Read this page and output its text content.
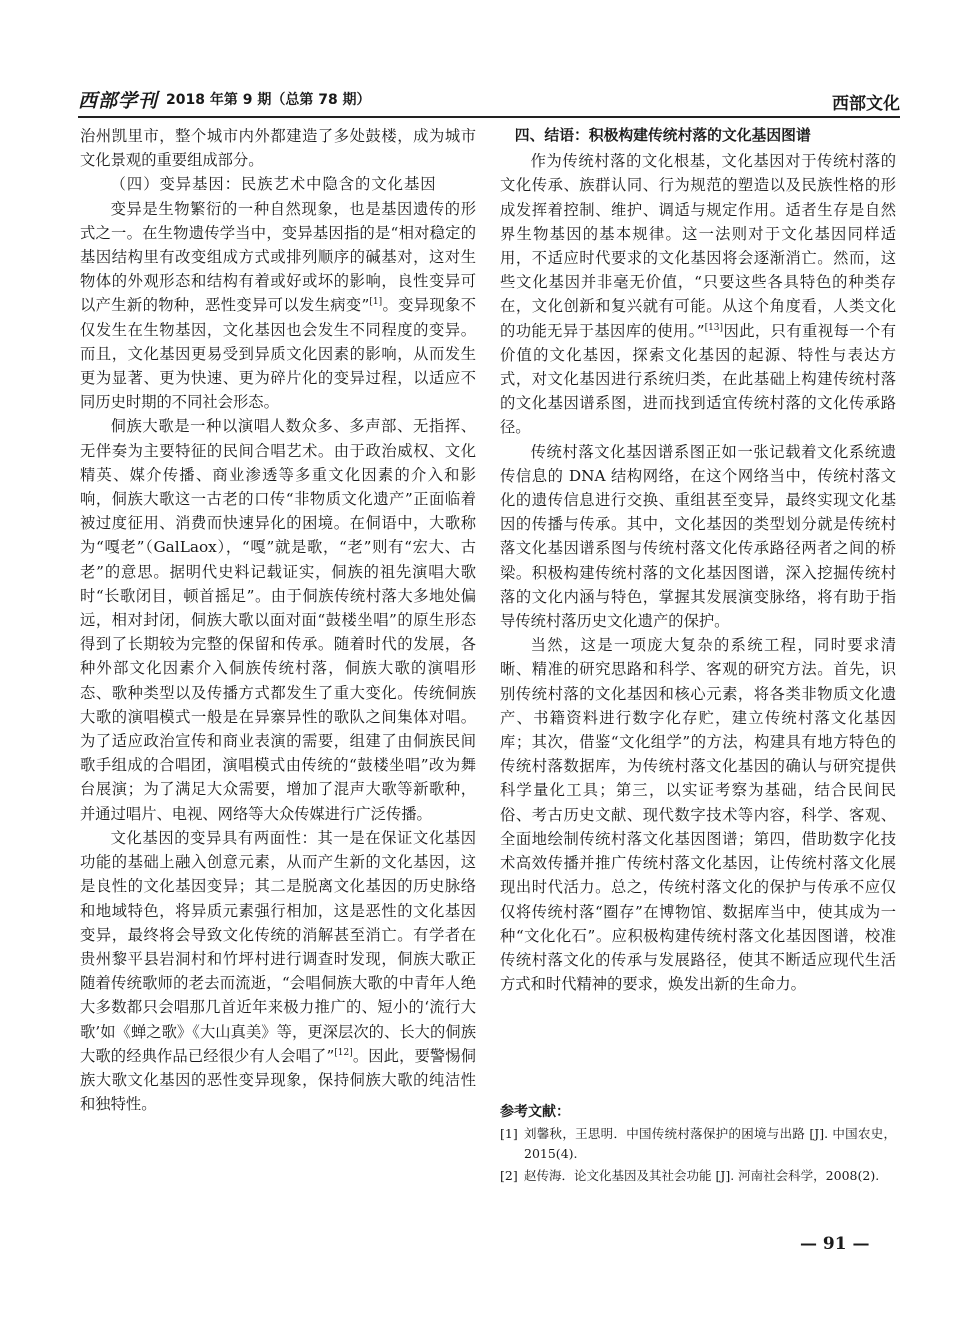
西部学刊 2018 年第 9 期（总第 78 期）	西部文化

治州凯里市，整个城市内外都建造了多处鼓楼，成为城市文化景观的重要组成部分。

（四）变异基因：民族艺术中隐含的文化基因

变异是生物繁衍的一种自然现象，也是基因遗传的形式之一。在生物遗传学当中，变异基因指的是“相对稳定的基因结构里有改变组成方式或排列顺序的碱基对，这对生物体的外观形态和结构有着或好或坏的影响，良性变异可以产生新的物种，恶性变异可以发生病变”[1]。变异现象不仅发生在生物基因，文化基因也会发生不同程度的变异。而且，文化基因更易受到异质文化因素的影响，从而发生更为显著、更为快速、更为碎片化的变异过程，以适应不同历史时期的不同社会形态。

侗族大歌是一种以演唱人数众多、多声部、无指挥、无伴奏为主要特征的民间合唱艺术。由于政治威权、文化精英、媒介传播、商业渗透等多重文化因素的介入和影响，侗族大歌这一古老的口传“非物质文化遗产”正面临着被过度征用、消费而快速异化的困境。在侗语中，大歌称为“嘎老”（GalLaox），“嘎”就是歌，“老”则有“宏大、古老”的意思。据明代史料记载证实，侗族的祖先演唱大歌时“长歌闭目，顿首摇足”。由于侗族传统村落大多地处偏远，相对封闭，侗族大歌以面对面“鼓楼坐唱”的原生形态得到了长期较为完整的保留和传承。随着时代的发展，各种外部文化因素介入侗族传统村落，侗族大歌的演唱形态、歌种类型以及传播方式都发生了重大变化。传统侗族大歌的演唱模式一般是在异寨异性的歌队之间集体对唱。为了适应政治宣传和商业表演的需要，组建了由侗族民间歌手组成的合唱团，演唱模式由传统的“鼓楼坐唱”改为舞台展演；为了满足大众需要，增加了混声大歌等新歌种，并通过唱片、电视、网络等大众传媒进行广泛传播。

文化基因的变异具有两面性：其一是在保证文化基因功能的基础上融入创意元素，从而产生新的文化基因，这是良性的文化基因变异；其二是脱离文化基因的历史脉络和地域特色，将异质元素强行相加，这是恶性的文化基因变异，最终将会导致文化传统的消解甚至消亡。有学者在贵州黎平县岩洞村和竹坪村进行调查时发现，侗族大歌正随着传统歌师的老去而流逝，“会唱侗族大歌的中青年人绝大多数都只会唱那几首近年来极力推广的、短小的‘流行大歌’如《蝉之歌》《大山真美》等，更深层次的、长大的侗族大歌的经典作品已经很少有人会唱了”[12]。因此，要警惕侗族大歌文化基因的恶性变异现象，保持侗族大歌的纯洁性和独特性。

四、结语：积极构建传统村落的文化基因图谱

作为传统村落的文化根基，文化基因对于传统村落的文化传承、族群认同、行为规范的塑造以及民族性格的形成发挥着控制、维护、调适与规定作用。适者生存是自然界生物基因的基本规律。这一法则对于文化基因同样适用，不适应时代要求的文化基因将会逐渐消亡。然而，这些文化基因并非毫无价值，“只要这些各具特色的种类存在，文化创新和复兴就有可能。从这个角度看，人类文化的功能无异于基因库的使用。”[13]因此，只有重视每一个有价值的文化基因，探索文化基因的起源、特性与表达方式，对文化基因进行系统归类，在此基础上构建传统村落的文化基因谱系图，进而找到适宜传统村落的文化传承路径。

传统村落文化基因谱系图正如一张记载着文化系统遗传信息的 DNA 结构网络，在这个网络当中，传统村落文化的遗传信息进行交换、重组甚至变异，最终实现文化基因的传播与传承。其中，文化基因的类型划分就是传统村落文化基因谱系图与传统村落文化传承路径两者之间的桥梁。积极构建传统村落的文化基因图谱，深入挖掘传统村落的文化内涵与特色，掌握其发展演变脉络，将有助于指导传统村落历史文化遗产的保护。

当然，这是一项庞大复杂的系统工程，同时要求清晰、精准的研究思路和科学、客观的研究方法。首先，识别传统村落的文化基因和核心元素，将各类非物质文化遗产、书籍资料进行数字化存贮，建立传统村落文化基因库；其次，借鉴“文化组学”的方法，构建具有地方特色的传统村落数据库，为传统村落文化基因的确认与研究提供科学量化工具；第三，以实证考察为基础，结合民间民俗、考古历史文献、现代数字技术等内容，科学、客观、全面地绘制传统村落文化基因图谱；第四，借助数字化技术高效传播并推广传统村落文化基因，让传统村落文化展现出时代活力。总之，传统村落文化的保护与传承不应仅仅将传统村落“圈存”在博物馆、数据库当中，使其成为一种“文化化石”。应积极构建传统村落文化基因图谱，校准传统村落文化的传承与发展路径，使其不断适应现代生活方式和时代精神的要求，焕发出新的生命力。

参考文献：
[1] 刘馨秋，王思明．中国传统村落保护的困境与出路 [J]. 中国农史，2015(4).
[2] 赵传海．论文化基因及其社会功能 [J]. 河南社会科学，2008(2).
— 91 —
